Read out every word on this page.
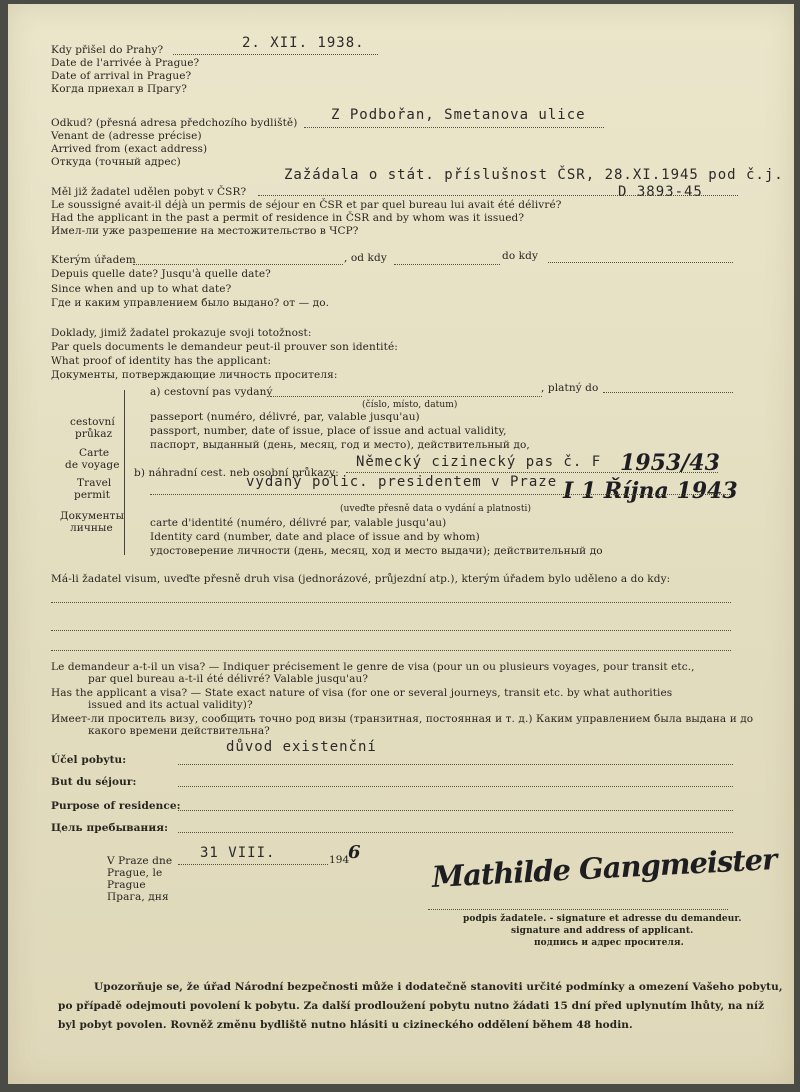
Kdy přišel do Prahy?
Date de l'arrivée à Prague?
Date of arrival in Prague?
Когда приехал в Прагу?
2. XII. 1938.
Odkud? (přesná adresa předchozího bydliště)
Venant de (adresse précise)
Arrived from (exact address)
Откуда (точный адрес)
Z Podbořan, Smetanova ulice
Zažádala o stát. příslušnost ČSR, 28.XI.1945 pod č.j.
D 3893-45
Měl již žadatel udělen pobyt v ČSR?
Le soussigné avait-il déjà un permis de séjour en ČSR et par quel bureau lui avait été délivré?
Had the applicant in the past a permit of residence in ČSR and by whom was it issued?
Имел-ли уже разрешение на местожительство в ЧСР?
Kterým úřadem	, od kdy	do kdy
Depuis quelle date? Jusqu'à quelle date?
Since when and up to what date?
Где и каким управлением было выдано? от — до.
Doklady, jimiž žadatel prokazuje svoji totožnost:
Par quels documents le demandeur peut-il prouver son identité:
What proof of identity has the applicant:
Документы, потверждающие личность просителя:
cestovní
průkaz
Carte
de voyage
Travel
permit
Документы
личные
a) cestovní pas vydaný	, platný do
(číslo, místo, datum)
passeport (numéro, délivré, par, valable jusqu'au)
passport, number, date of issue, place of issue and actual validity,
паспорт, выданный (день, месяц, год и место), действительный до,
b) náhradní cest. neb osobní průkazy:
Německý cizinecký pas č. F 1953/43
vydaný polic. presidentem v Praze I 1 Října 1943
(uveďte přesně data o vydání a platnosti)
carte d'identité (numéro, délivré par, valable jusqu'au)
Identity card (number, date and place of issue and by whom)
удостоверение личности (день, месяц, ход и место выдачи); действительный до
Má-li žadatel visum, uveďte přesně druh visa (jednorázové, průjezdní atp.), kterým úřadem bylo uděleno a do kdy:
Le demandeur a-t-il un visa? — Indiquer précisement le genre de visa (pour un ou plusieurs voyages, pour transit etc.,
par quel bureau a-t-il été délivré? Valable jusqu'au?
Has the applicant a visa? — State exact nature of visa (for one or several journeys, transit etc. by what authorities
issued and its actual validity)?
Имеет-ли проситель визу, сообщить точно род визы (транзитная, постоянная и т. д.) Каким управлением была выдана и до
какого времени действительна?
důvod existenční
Účel pobytu:
But du séjour:
Purpose of residence:
Цель пребывания:
V Praze dne
Prague, le
Prague
Прага, дня
31 VIII.	194
6 Mathilde Gangmeister
podpis žadatele. - signature et adresse du demandeur.
signature and address of applicant.
подпись и адрес просителя.
Upozorňuje se, že úřad Národní bezpečnosti může i dodatečně stanoviti určité podmínky a omezení Vašeho pobytu,
po případě odejmouti povolení k pobytu. Za další prodloužení pobytu nutno žádati 15 dní před uplynutím lhůty, na níž
byl pobyt povolen. Rovněž změnu bydliště nutno hlásiti u cizineckého oddělení během 48 hodin.
